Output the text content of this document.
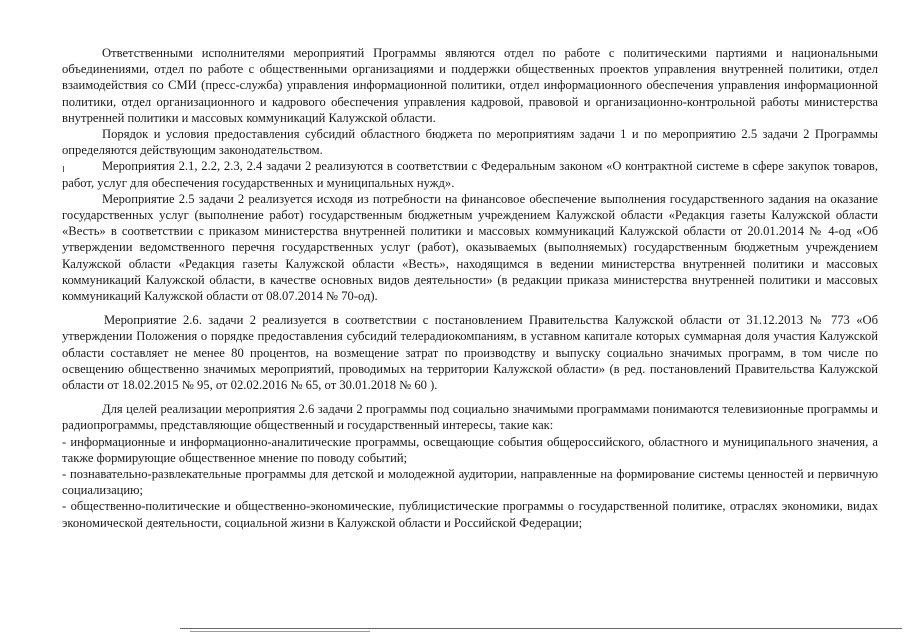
Ответственными исполнителями мероприятий Программы являются отдел по работе с политическими партиями и национальными объединениями, отдел по работе с общественными организациями и поддержки общественных проектов управления внутренней политики, отдел взаимодействия со СМИ (пресс-служба) управления информационной политики, отдел информационного обеспечения управления информационной политики, отдел организационного и кадрового обеспечения управления кадровой, правовой и организационно-контрольной работы министерства внутренней политики и массовых коммуникаций Калужской области.

Порядок и условия предоставления субсидий областного бюджета по мероприятиям задачи 1 и по мероприятию 2.5 задачи 2 Программы определяются действующим законодательством.

Мероприятия 2.1, 2.2, 2.3, 2.4 задачи 2 реализуются в соответствии с Федеральным законом «О контрактной системе в сфере закупок товаров, работ, услуг для обеспечения государственных и муниципальных нужд».

Мероприятие 2.5 задачи 2 реализуется исходя из потребности на финансовое обеспечение выполнения государственного задания на оказание государственных услуг (выполнение работ) государственным бюджетным учреждением Калужской области «Редакция газеты Калужской области «Весть» в соответствии с приказом министерства внутренней политики и массовых коммуникаций Калужской области от 20.01.2014 № 4-од «Об утверждении ведомственного перечня государственных услуг (работ), оказываемых (выполняемых) государственным бюджетным учреждением Калужской области «Редакция газеты Калужской области «Весть», находящимся в ведении министерства внутренней политики и массовых коммуникаций Калужской области, в качестве основных видов деятельности» (в редакции приказа министерства внутренней политики и массовых коммуникаций Калужской области от 08.07.2014 № 70-од).

Мероприятие 2.6. задачи 2 реализуется в соответствии с постановлением Правительства Калужской области от 31.12.2013 № 773 «Об утверждении Положения о порядке предоставления субсидий телерадиокомпаниям, в уставном капитале которых суммарная доля участия Калужской области составляет не менее 80 процентов, на возмещение затрат по производству и выпуску социально значимых программ, в том числе по освещению общественно значимых мероприятий, проводимых на территории Калужской области» (в ред. постановлений Правительства Калужской области от 18.02.2015 № 95, от 02.02.2016 № 65, от 30.01.2018 № 60 ).

Для целей реализации мероприятия 2.6 задачи 2 программы под социально значимыми программами понимаются телевизионные программы и радиопрограммы, представляющие общественный и государственный интересы, такие как:

- информационные и информационно-аналитические программы, освещающие события общероссийского, областного и муниципального значения, а также формирующие общественное мнение по поводу событий;

- познавательно-развлекательные программы для детской и молодежной аудитории, направленные на формирование системы ценностей и первичную социализацию;

- общественно-политические и общественно-экономические, публицистические программы о государственной политике, отраслях экономики, видах экономической деятельности, социальной жизни в Калужской области и Российской Федерации;
